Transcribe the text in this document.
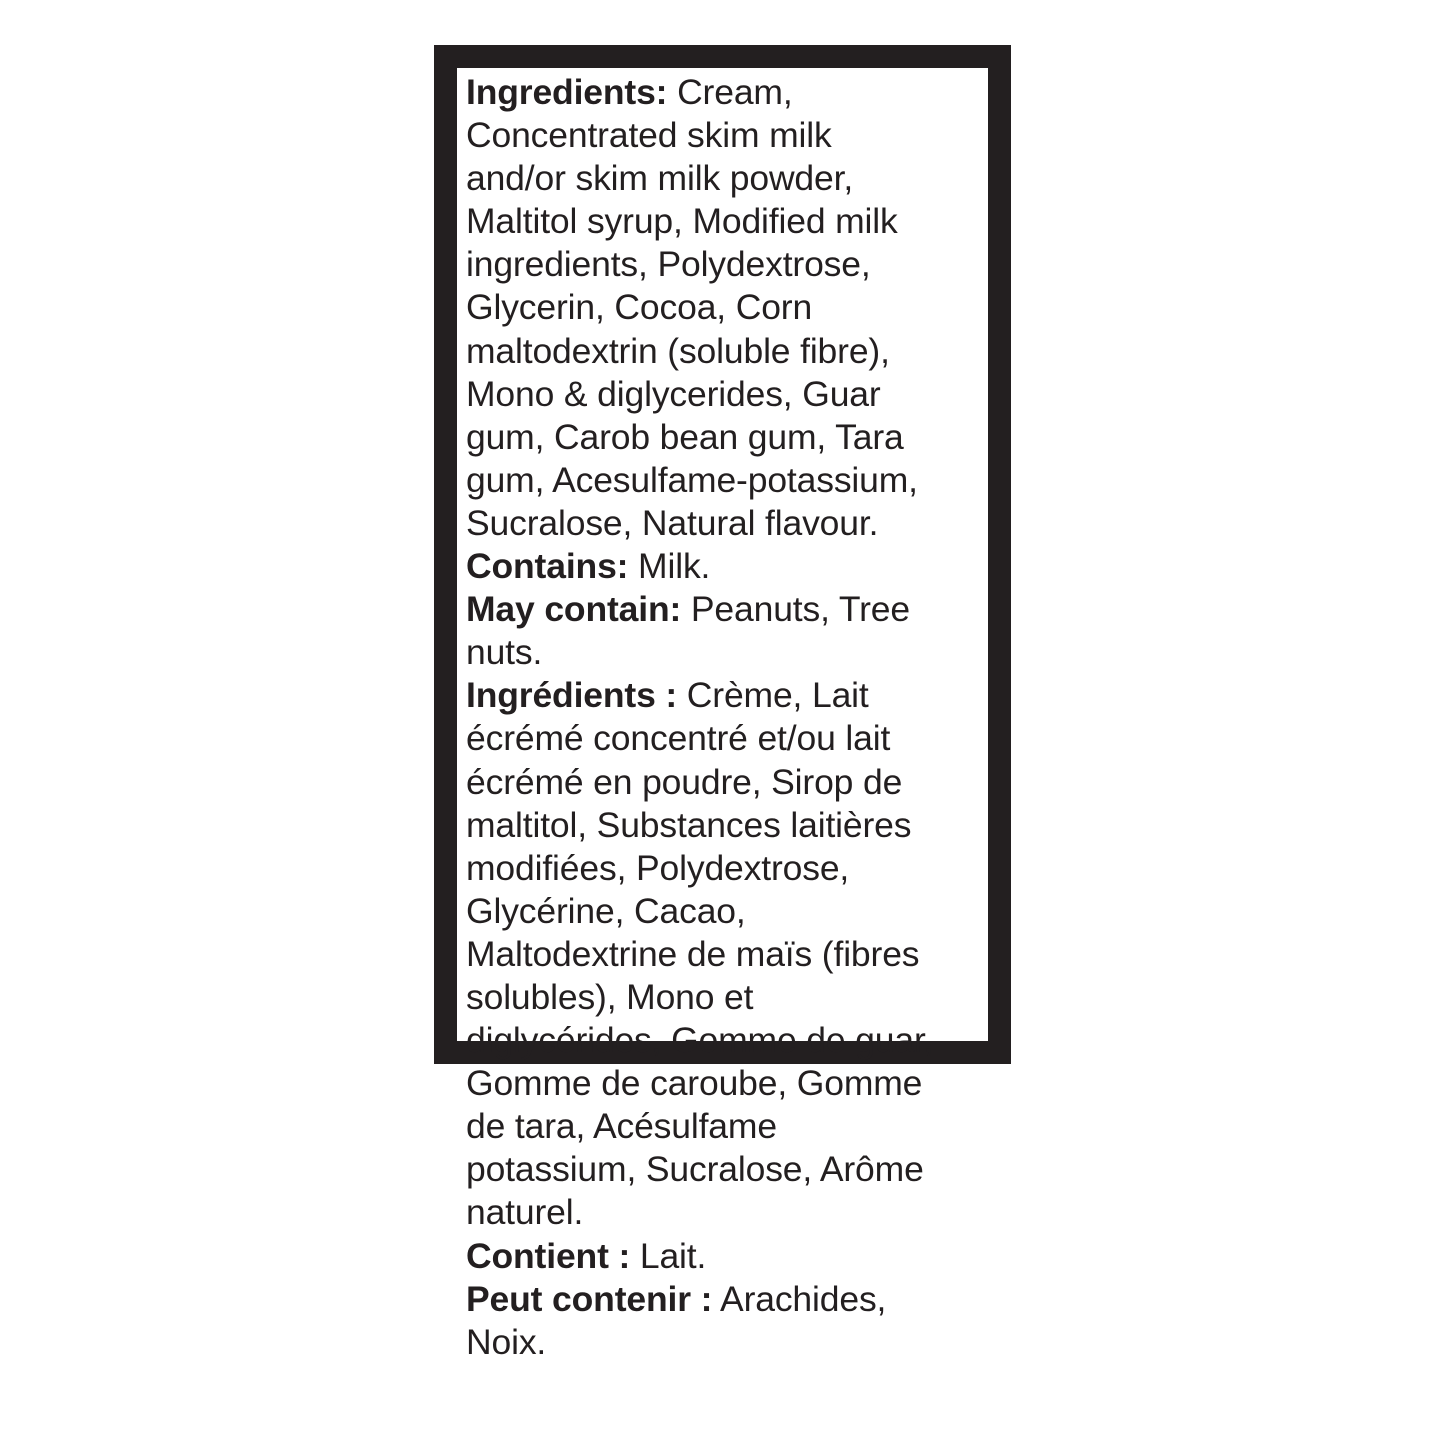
Ingredients: Cream,
Concentrated skim milk
and/or skim milk powder,
Maltitol syrup, Modified milk
ingredients, Polydextrose,
Glycerin, Cocoa, Corn
maltodextrin (soluble fibre),
Mono & diglycerides, Guar
gum, Carob bean gum, Tara
gum, Acesulfame-potassium,
Sucralose, Natural flavour.
Contains: Milk.
May contain: Peanuts, Tree
nuts.
Ingrédients : Crème, Lait
écrémé concentré et/ou lait
écrémé en poudre, Sirop de
maltitol, Substances laitières
modifiées, Polydextrose,
Glycérine, Cacao,
Maltodextrine de maïs (fibres
solubles), Mono et
diglycérides, Gomme de guar,
Gomme de caroube, Gomme
de tara, Acésulfame
potassium, Sucralose, Arôme
naturel.
Contient : Lait.
Peut contenir : Arachides,
Noix.
